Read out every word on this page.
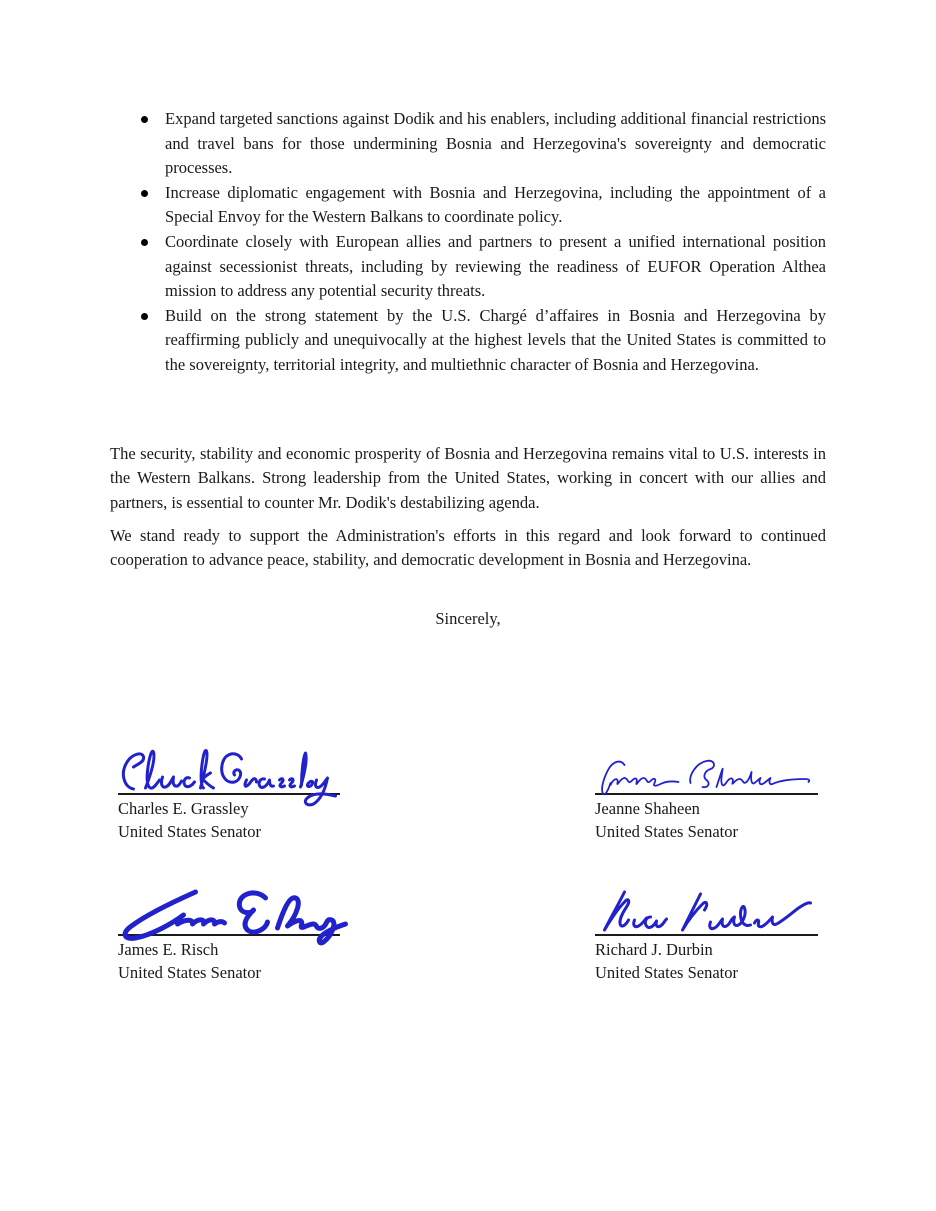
Expand targeted sanctions against Dodik and his enablers, including additional financial restrictions and travel bans for those undermining Bosnia and Herzegovina's sovereignty and democratic processes.
Increase diplomatic engagement with Bosnia and Herzegovina, including the appointment of a Special Envoy for the Western Balkans to coordinate policy.
Coordinate closely with European allies and partners to present a unified international position against secessionist threats, including by reviewing the readiness of EUFOR Operation Althea mission to address any potential security threats.
Build on the strong statement by the U.S. Chargé d’affaires in Bosnia and Herzegovina by reaffirming publicly and unequivocally at the highest levels that the United States is committed to the sovereignty, territorial integrity, and multiethnic character of Bosnia and Herzegovina.

The security, stability and economic prosperity of Bosnia and Herzegovina remains vital to U.S. interests in the Western Balkans. Strong leadership from the United States, working in concert with our allies and partners, is essential to counter Mr. Dodik's destabilizing agenda.

We stand ready to support the Administration's efforts in this regard and look forward to continued cooperation to advance peace, stability, and democratic development in Bosnia and Herzegovina.

Sincerely,
Charles E. Grassley
United States Senator
Jeanne Shaheen
United States Senator
James E. Risch
United States Senator
Richard J. Durbin
United States Senator
